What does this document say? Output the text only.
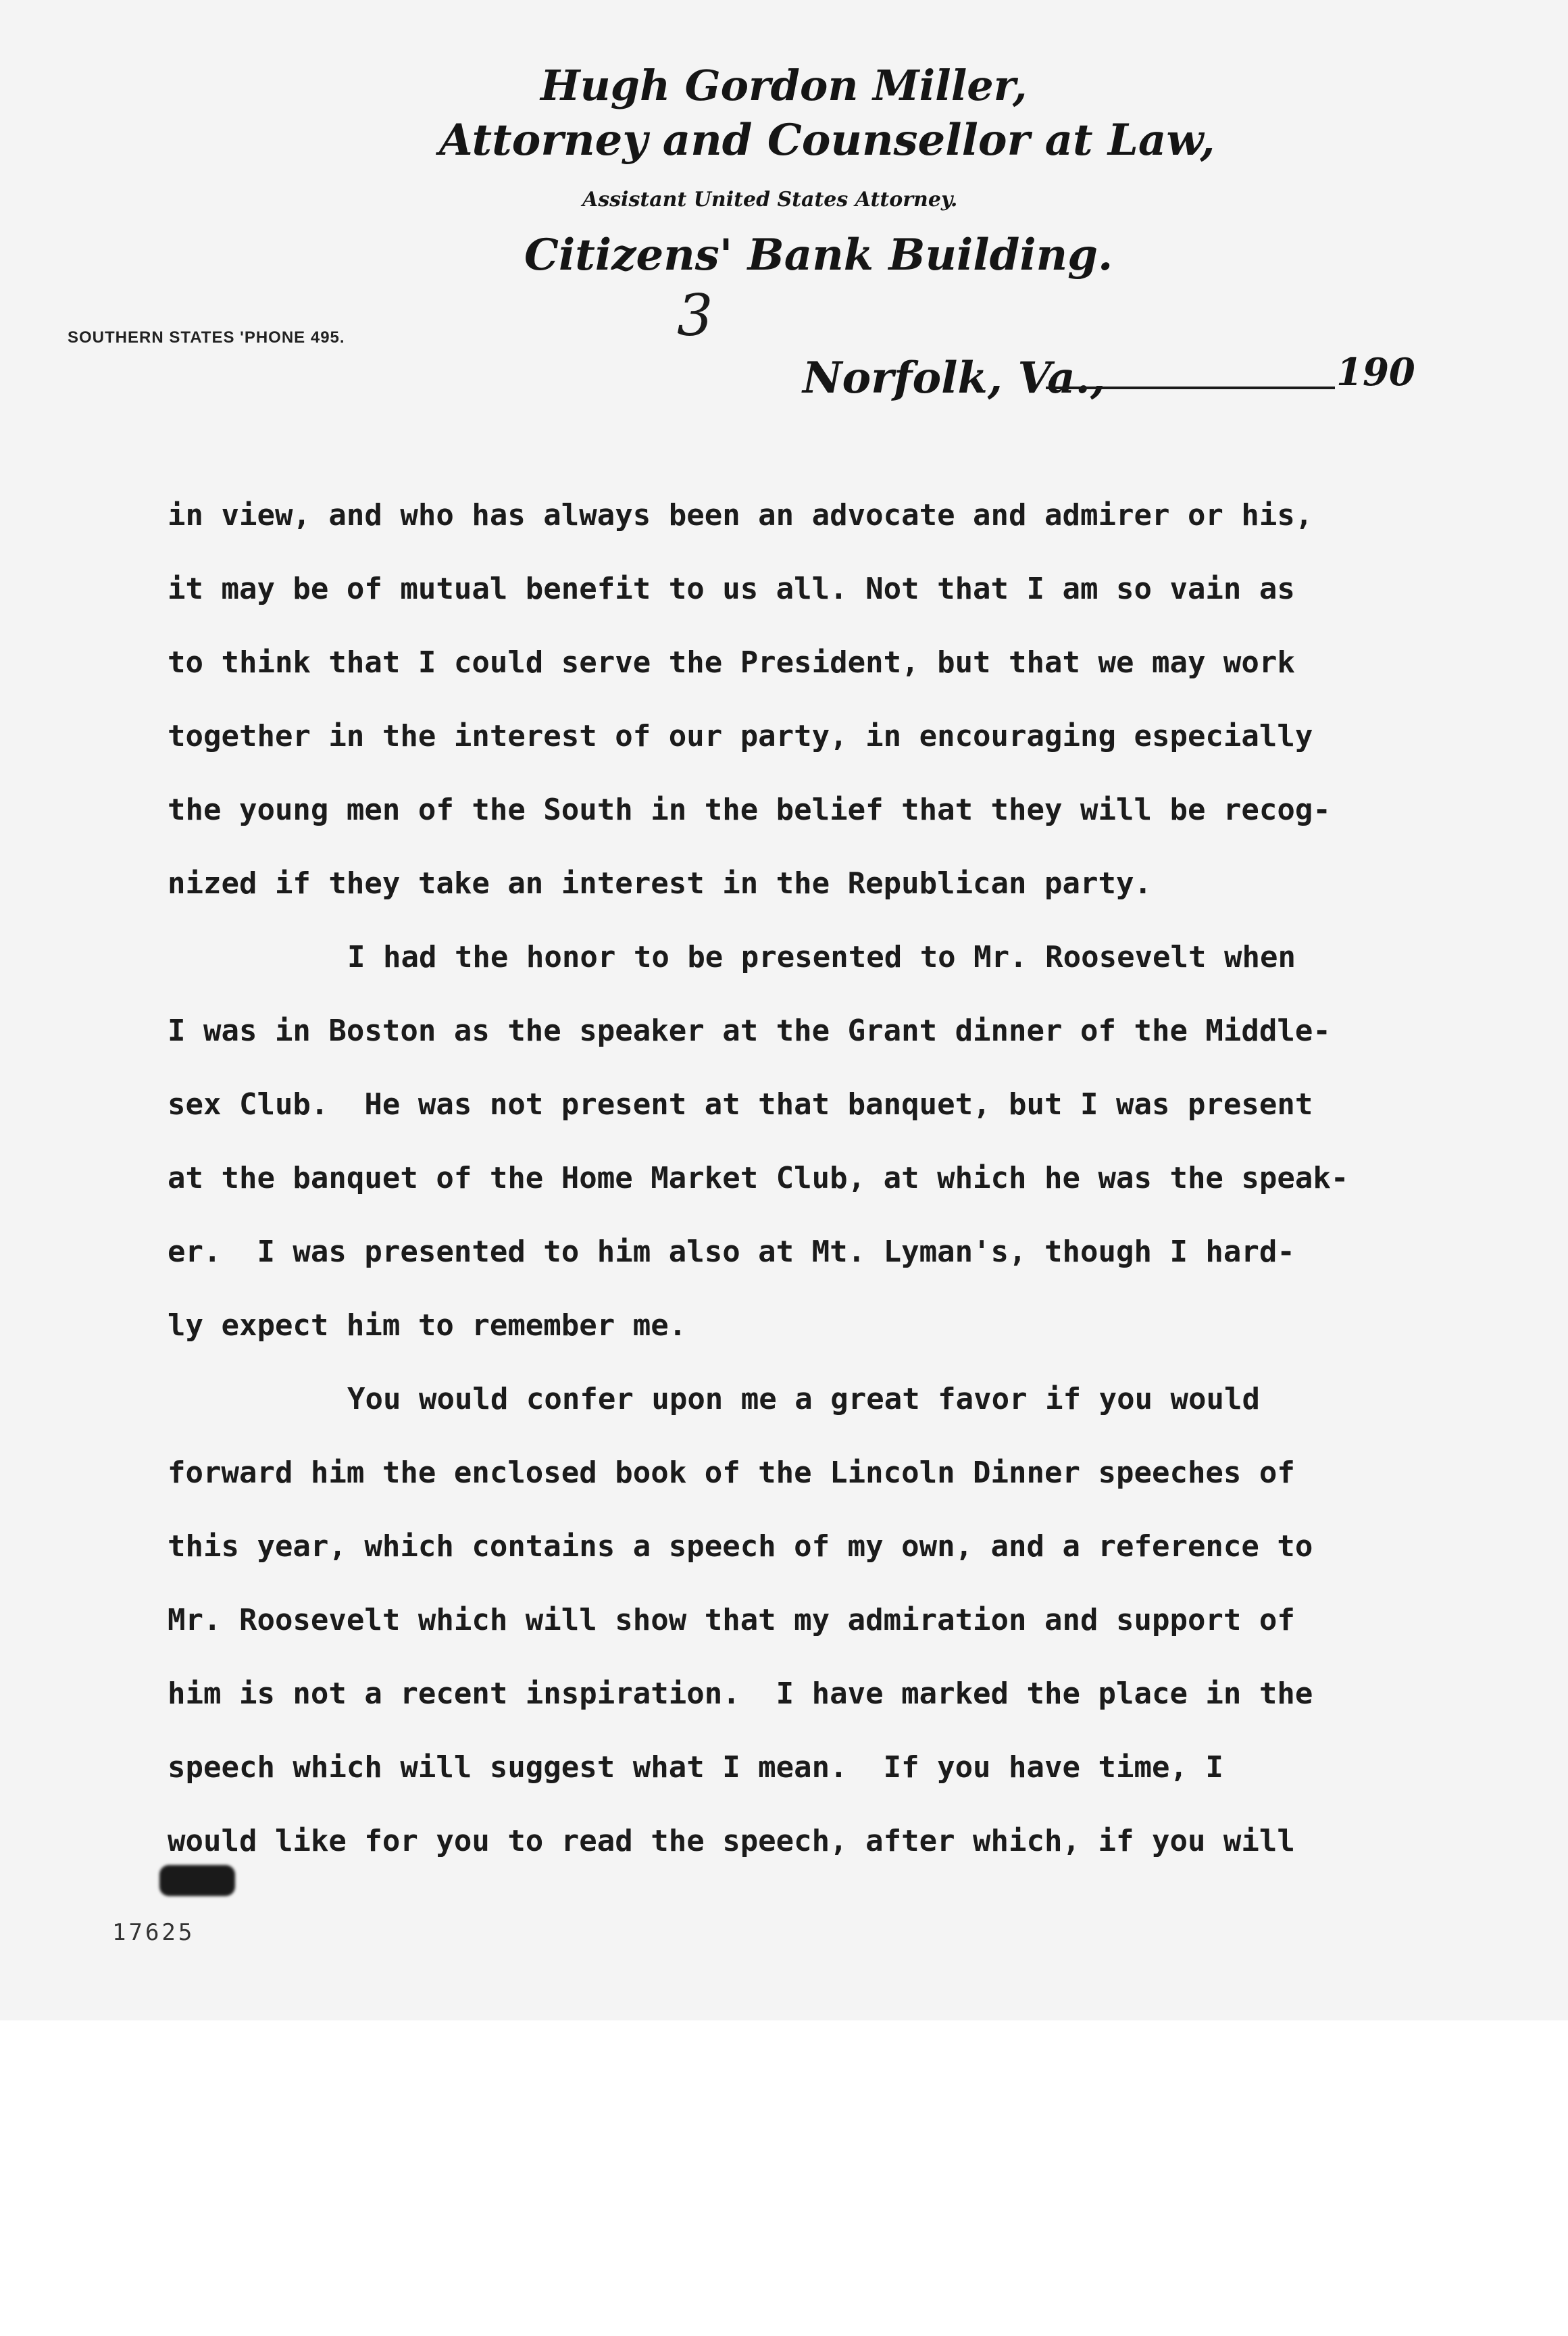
Hugh Gordon Miller,
Attorney and Counsellor at Law,
Assistant United States Attorney.
Citizens' Bank Building.
SOUTHERN STATES 'PHONE 495.	3
Norfolk, Va.,	190
in view, and who has always been an advocate and admirer or his,
it may be of mutual benefit to us all. Not that I am so vain as
to think that I could serve the President, but that we may work
together in the interest of our party, in encouraging especially
the young men of the South in the belief that they will be recog-
nized if they take an interest in the Republican party.
I had the honor to be presented to Mr. Roosevelt when
I was in Boston as the speaker at the Grant dinner of the Middle-
sex Club.  He was not present at that banquet, but I was present
at the banquet of the Home Market Club, at which he was the speak-
er.  I was presented to him also at Mt. Lyman's, though I hard-
ly expect him to remember me.
You would confer upon me a great favor if you would
forward him the enclosed book of the Lincoln Dinner speeches of
this year, which contains a speech of my own, and a reference to
Mr. Roosevelt which will show that my admiration and support of
him is not a recent inspiration.  I have marked the place in the
speech which will suggest what I mean.  If you have time, I
would like for you to read the speech, after which, if you will
17625
